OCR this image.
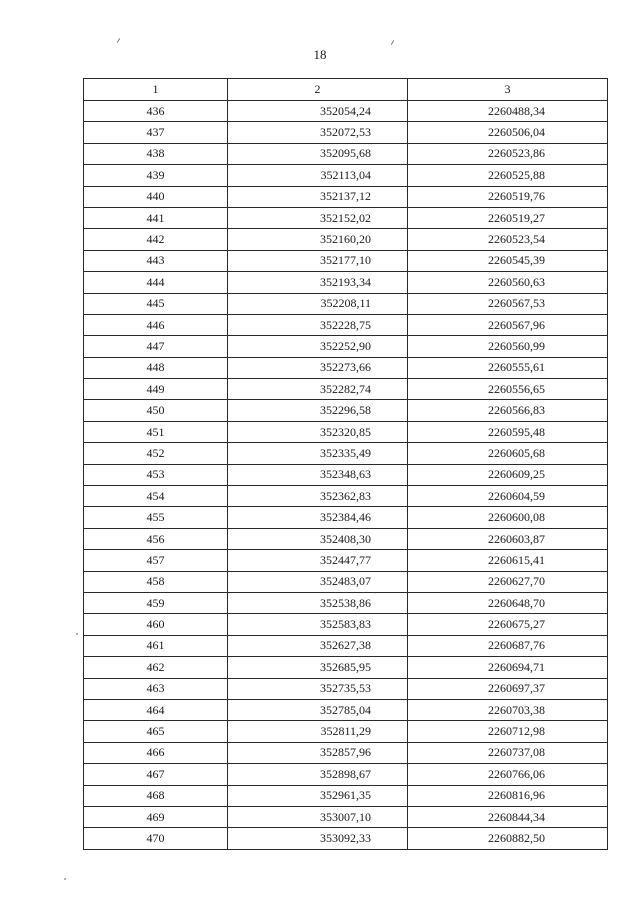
18
1	2	3
436	352054,24	2260488,34
437	352072,53	2260506,04
438	352095,68	2260523,86
439	352113,04	2260525,88
440	352137,12	2260519,76
441	352152,02	2260519,27
442	352160,20	2260523,54
443	352177,10	2260545,39
444	352193,34	2260560,63
445	352208,11	2260567,53
446	352228,75	2260567,96
447	352252,90	2260560,99
448	352273,66	2260555,61
449	352282,74	2260556,65
450	352296,58	2260566,83
451	352320,85	2260595,48
452	352335,49	2260605,68
453	352348,63	2260609,25
454	352362,83	2260604,59
455	352384,46	2260600,08
456	352408,30	2260603,87
457	352447,77	2260615,41
458	352483,07	2260627,70
459	352538,86	2260648,70
460	352583,83	2260675,27
461	352627,38	2260687,76
462	352685,95	2260694,71
463	352735,53	2260697,37
464	352785,04	2260703,38
465	352811,29	2260712,98
466	352857,96	2260737,08
467	352898,67	2260766,06
468	352961,35	2260816,96
469	353007,10	2260844,34
470	353092,33	2260882,50
